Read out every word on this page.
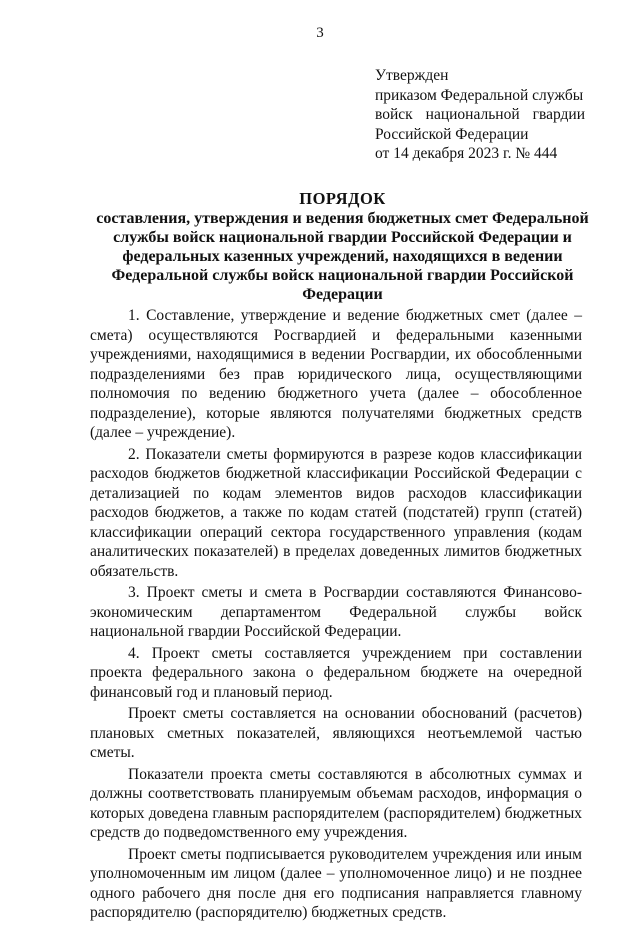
3
Утвержден
приказом Федеральной службы
войск национальной гвардии
Российской Федерации
от 14 декабря 2023 г. № 444
ПОРЯДОК
составления, утверждения и ведения бюджетных смет Федеральной службы войск национальной гвардии Российской Федерации и федеральных казенных учреждений, находящихся в ведении Федеральной службы войск национальной гвардии Российской Федерации

1. Составление, утверждение и ведение бюджетных смет (далее – смета) осуществляются Росгвардией и федеральными казенными учреждениями, находящимися в ведении Росгвардии, их обособленными подразделениями без прав юридического лица, осуществляющими полномочия по ведению бюджетного учета (далее – обособленное подразделение), которые являются получателями бюджетных средств (далее – учреждение).

2. Показатели сметы формируются в разрезе кодов классификации расходов бюджетов бюджетной классификации Российской Федерации с детализацией по кодам элементов видов расходов классификации расходов бюджетов, а также по кодам статей (подстатей) групп (статей) классификации операций сектора государственного управления (кодам аналитических показателей) в пределах доведенных лимитов бюджетных обязательств.

3. Проект сметы и смета в Росгвардии составляются Финансово-экономическим департаментом Федеральной службы войск национальной гвардии Российской Федерации.

4. Проект сметы составляется учреждением при составлении проекта федерального закона о федеральном бюджете на очередной финансовый год и плановый период.

Проект сметы составляется на основании обоснований (расчетов) плановых сметных показателей, являющихся неотъемлемой частью сметы.

Показатели проекта сметы составляются в абсолютных суммах и должны соответствовать планируемым объемам расходов, информация о которых доведена главным распорядителем (распорядителем) бюджетных средств до подведомственного ему учреждения.

Проект сметы подписывается руководителем учреждения или иным уполномоченным им лицом (далее – уполномоченное лицо) и не позднее одного рабочего дня после дня его подписания направляется главному распорядителю (распорядителю) бюджетных средств.
